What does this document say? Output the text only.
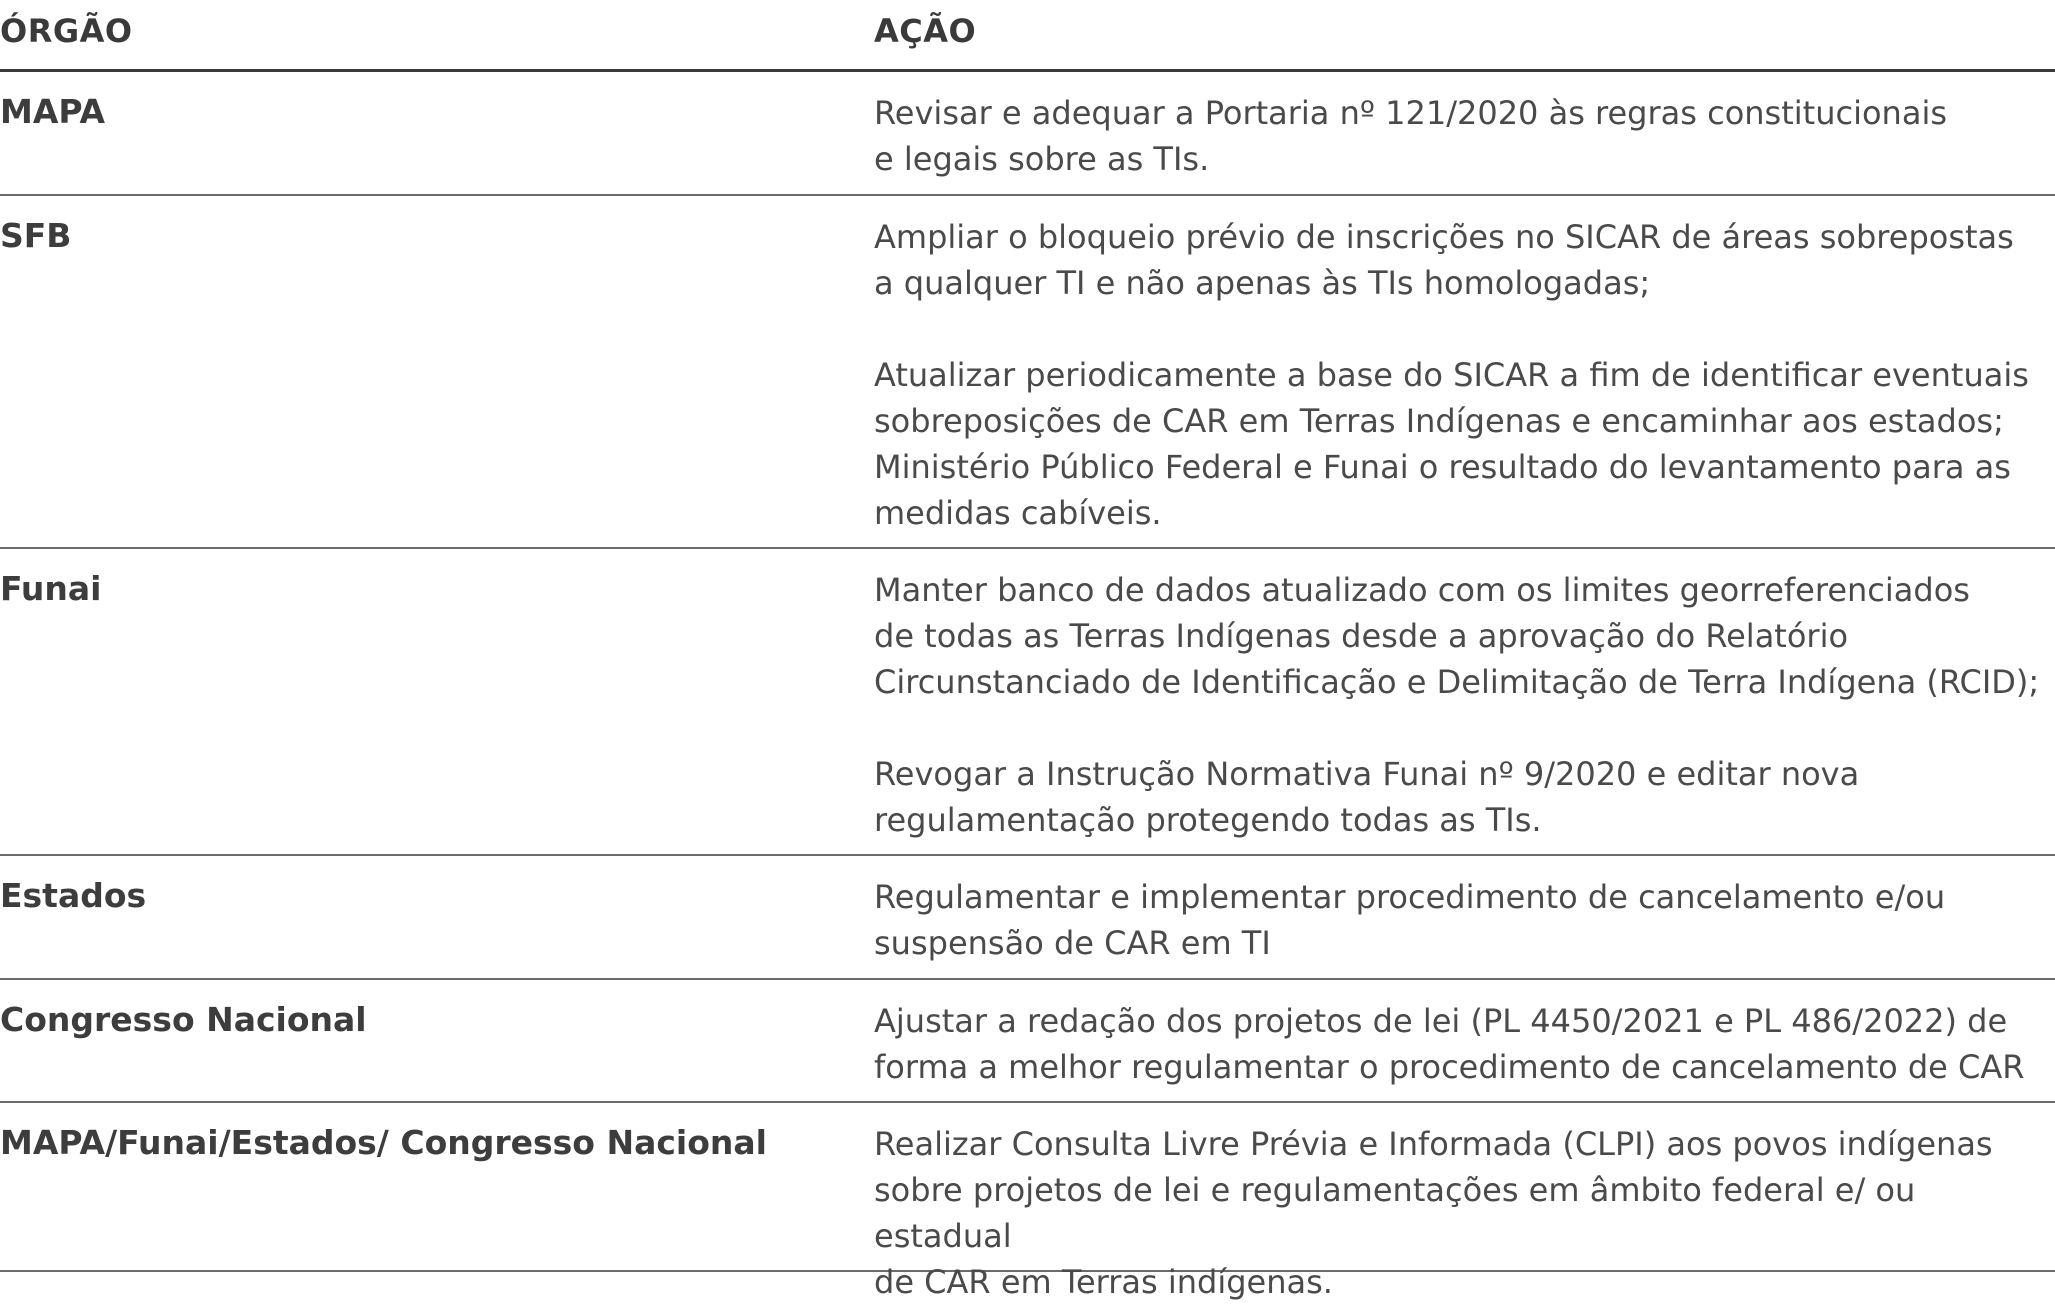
ÓRGÃO	AÇÃO
MAPA	Revisar e adequar a Portaria nº 121/2020 às regras constitucionais
e legais sobre as TIs.

SFB	Ampliar o bloqueio prévio de inscrições no SICAR de áreas sobrepostas
a qualquer TI e não apenas às TIs homologadas;

Atualizar periodicamente a base do SICAR a fim de identificar eventuais
sobreposições de CAR em Terras Indígenas e encaminhar aos estados;
Ministério Público Federal e Funai o resultado do levantamento para as
medidas cabíveis.

Funai	Manter banco de dados atualizado com os limites georreferenciados
de todas as Terras Indígenas desde a aprovação do Relatório
Circunstanciado de Identificação e Delimitação de Terra Indígena (RCID);

Revogar a Instrução Normativa Funai nº 9/2020 e editar nova
regulamentação protegendo todas as TIs.

Estados	Regulamentar e implementar procedimento de cancelamento e/ou
suspensão de CAR em TI

Congresso Nacional	Ajustar a redação dos projetos de lei (PL 4450/2021 e PL 486/2022) de
forma a melhor regulamentar o procedimento de cancelamento de CAR

MAPA/Funai/Estados/ Congresso Nacional	Realizar Consulta Livre Prévia e Informada (CLPI) aos povos indígenas
sobre projetos de lei e regulamentações em âmbito federal e/ ou estadual
de CAR em Terras indígenas.
